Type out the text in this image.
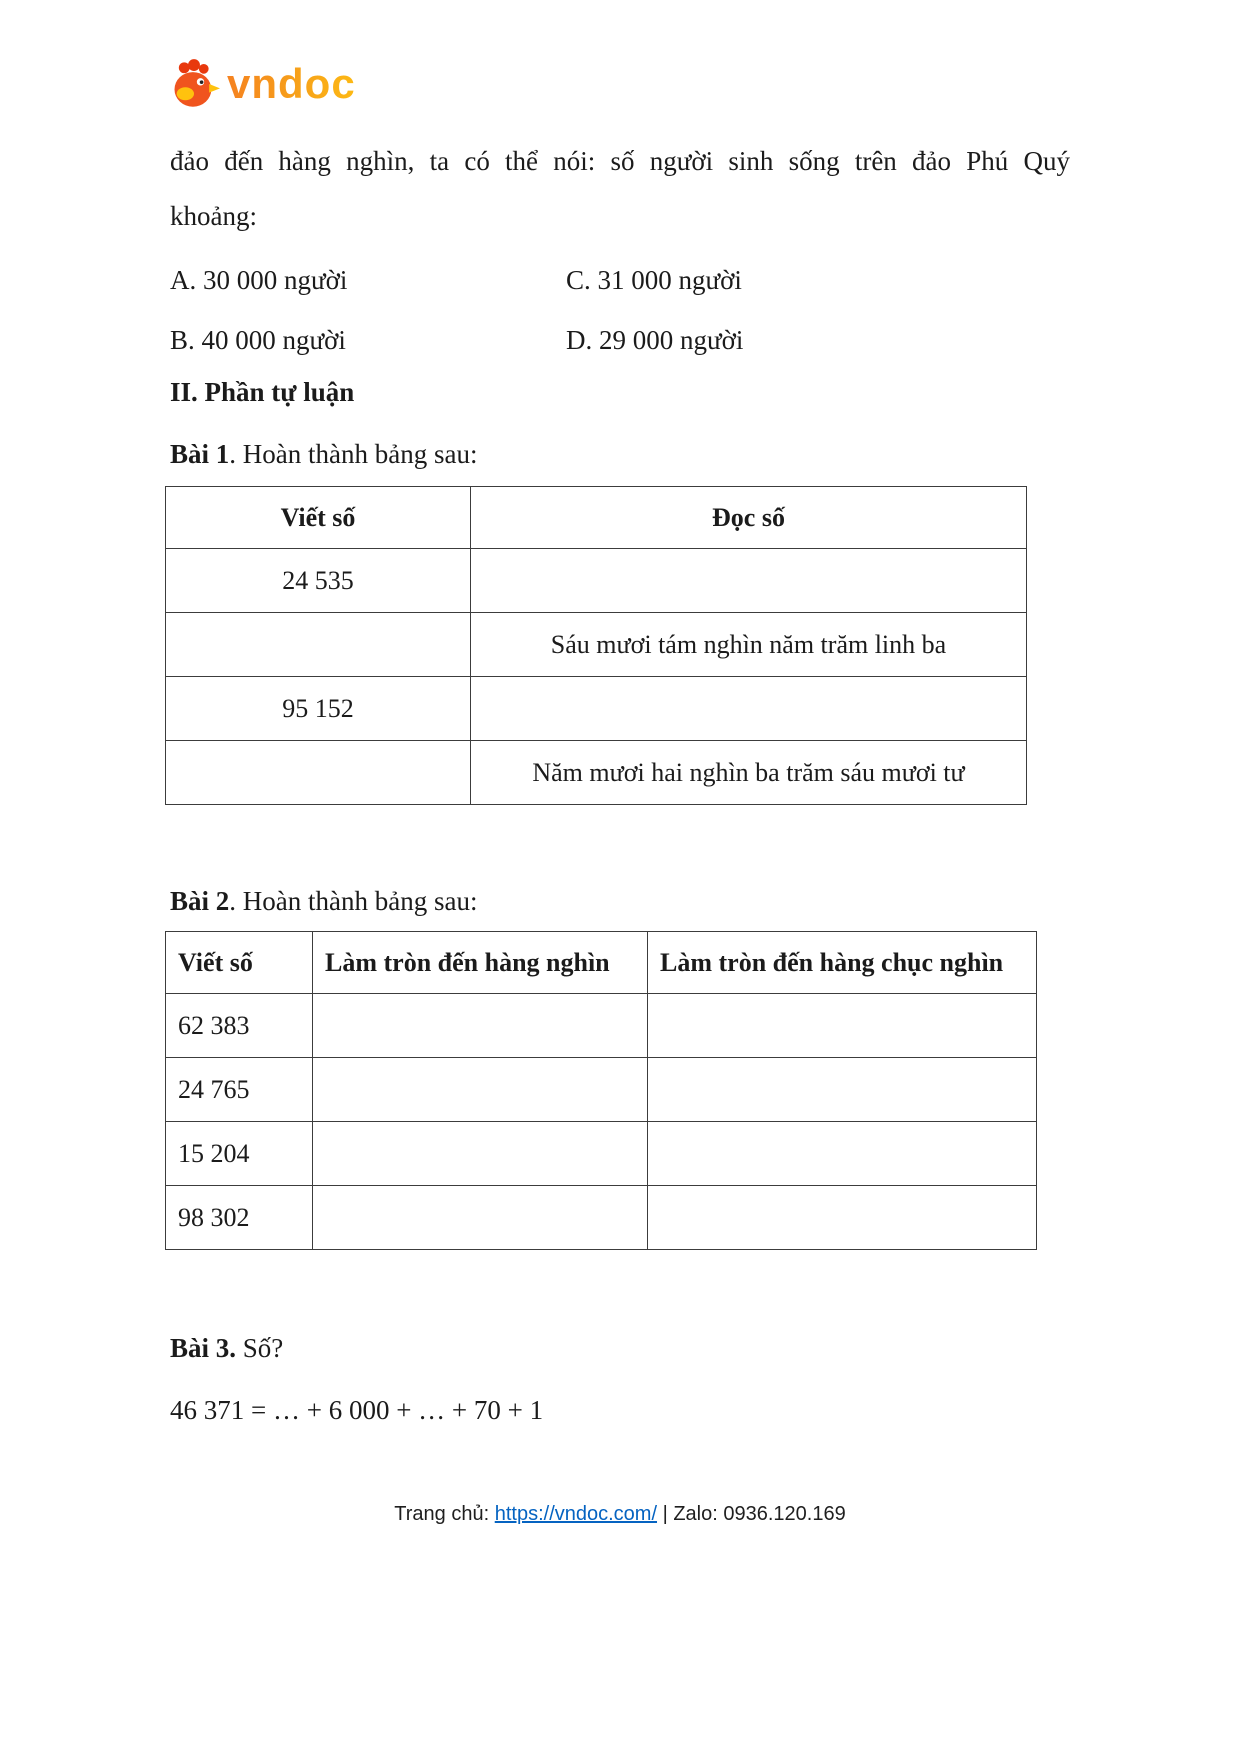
vndoc

đảo đến hàng nghìn, ta có thể nói: số người sinh sống trên đảo Phú Quý
khoảng:

A. 30 000 người	C. 31 000 người
B. 40 000 người	D. 29 000 người
II. Phần tự luận

Bài 1. Hoàn thành bảng sau:

Viết số	Đọc số
24 535	
	Sáu mươi tám nghìn năm trăm linh ba
95 152	
	Năm mươi hai nghìn ba trăm sáu mươi tư

Bài 2. Hoàn thành bảng sau:

Viết số	Làm tròn đến hàng nghìn	Làm tròn đến hàng chục nghìn
62 383		
24 765		
15 204		
98 302		

Bài 3. Số?

46 371 = … + 6 000 + … + 70 + 1

Trang chủ: https://vndoc.com/ | Zalo: 0936.120.169
